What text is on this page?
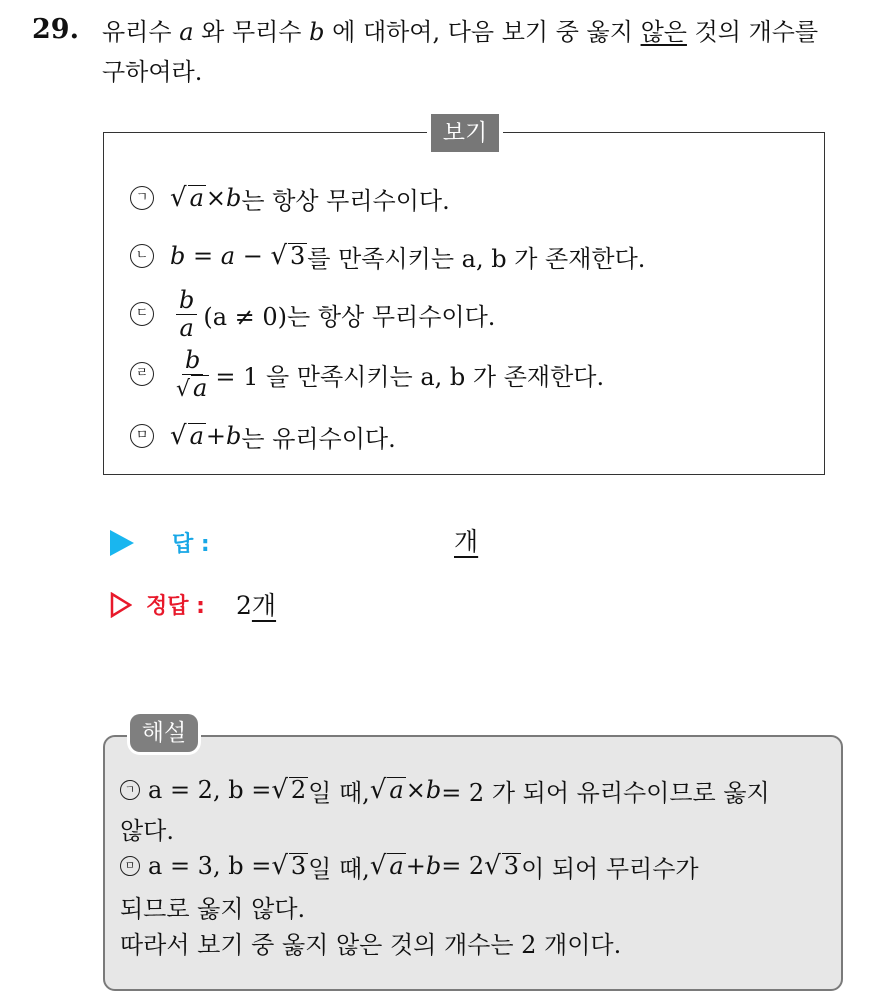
29. 유리수 a 와 무리수 b 에 대하여, 다음 보기 중 옳지 않은 것의 개수를
구하여라.
보기
ㄱ √ a × b 는 항상 무리수이다.
ㄴ b = a − √ 3 를 만족시키는 a, b 가 존재한다.
ㄷ $\frac{b}{a} (a \ne 0)$는 항상 무리수이다.
ㄹ $\frac{b}{√ a} = 1$ 을 만족시키는 a, b 가 존재한다.
ㅁ √ a + b 는 유리수이다.
답 :	개
정답 : 2개
해설
ㄱ a = 2, b = √ 2 일 때, √ a × b = 2 가 되어 유리수이므로 옳지
않다.
ㅁ a = 3, b = √ 3 일 때, √ a + b = 2 √ 3 이 되어 무리수가
되므로 옳지 않다.
따라서 보기 중 옳지 않은 것의 개수는 2 개이다.
